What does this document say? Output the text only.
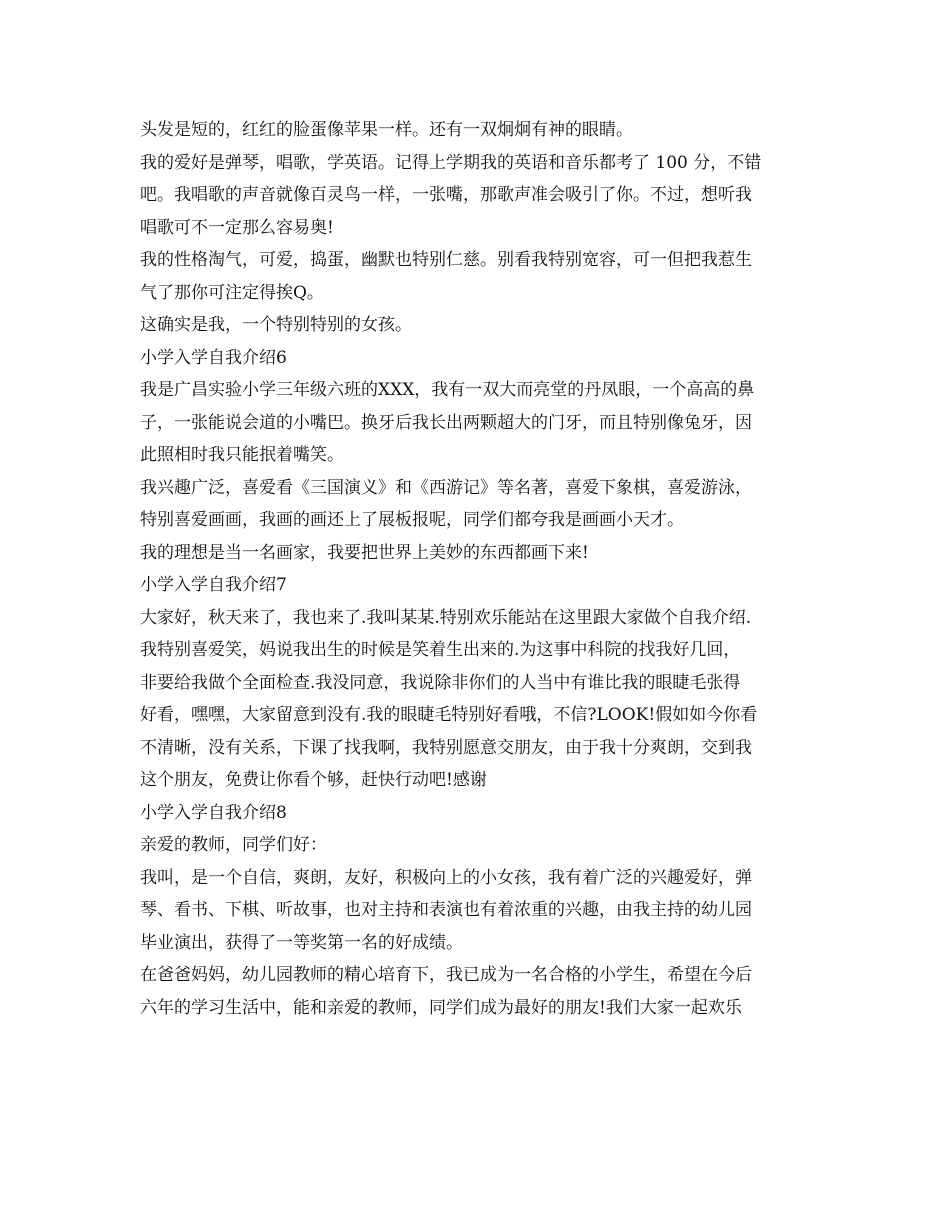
头发是短的，红红的脸蛋像苹果一样。还有一双炯炯有神的眼睛。
我的爱好是弹琴，唱歌，学英语。记得上学期我的英语和音乐都考了 100 分，不错
吧。我唱歌的声音就像百灵鸟一样，一张嘴，那歌声准会吸引了你。不过，想听我
唱歌可不一定那么容易奥!
我的性格淘气，可爱，捣蛋，幽默也特别仁慈。别看我特别宽容，可一但把我惹生
气了那你可注定得挨Q。
这确实是我，一个特别特别的女孩。
小学入学自我介绍6
我是广昌实验小学三年级六班的XXX，我有一双大而亮堂的丹凤眼，一个高高的鼻
子，一张能说会道的小嘴巴。换牙后我长出两颗超大的门牙，而且特别像兔牙，因
此照相时我只能抿着嘴笑。
我兴趣广泛，喜爱看《三国演义》和《西游记》等名著，喜爱下象棋，喜爱游泳，
特别喜爱画画，我画的画还上了展板报呢，同学们都夸我是画画小天才。
我的理想是当一名画家，我要把世界上美妙的东西都画下来!
小学入学自我介绍7
大家好，秋天来了，我也来了.我叫某某.特别欢乐能站在这里跟大家做个自我介绍.
我特别喜爱笑，妈说我出生的时候是笑着生出来的.为这事中科院的找我好几回，
非要给我做个全面检查.我没同意，我说除非你们的人当中有谁比我的眼睫毛张得
好看，嘿嘿，大家留意到没有.我的眼睫毛特别好看哦，不信?LOOK!假如如今你看
不清晰，没有关系，下课了找我啊，我特别愿意交朋友，由于我十分爽朗，交到我
这个朋友，免费让你看个够，赶快行动吧!感谢
小学入学自我介绍8
亲爱的教师，同学们好：
我叫，是一个自信，爽朗，友好，积极向上的小女孩，我有着广泛的兴趣爱好，弹
琴、看书、下棋、听故事，也对主持和表演也有着浓重的兴趣，由我主持的幼儿园
毕业演出，获得了一等奖第一名的好成绩。
在爸爸妈妈，幼儿园教师的精心培育下，我已成为一名合格的小学生，希望在今后
六年的学习生活中，能和亲爱的教师，同学们成为最好的朋友!我们大家一起欢乐
